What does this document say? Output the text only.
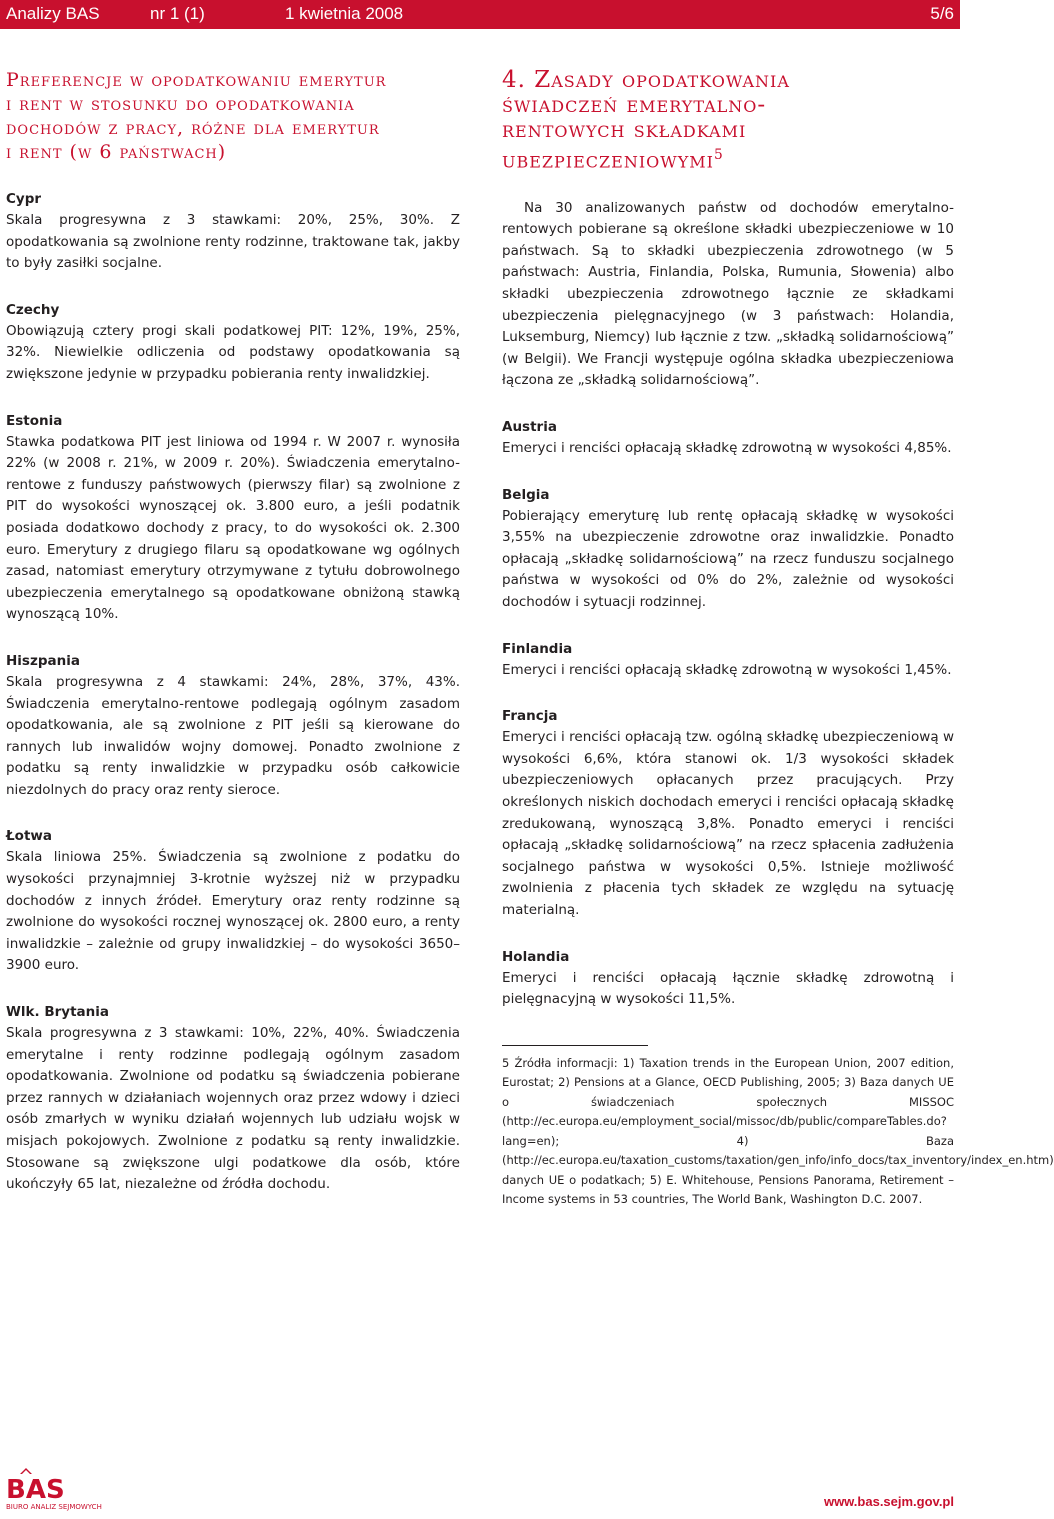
Analizy BAS	nr 1 (1)	1 kwietnia 2008	5/6
Preferencje w opodatkowaniu emerytur
i rent w stosunku do opodatkowania
dochodów z pracy, różne dla emerytur
i rent (w 6 państwach)
Cypr

Skala progresywna z 3 stawkami: 20%, 25%, 30%. Z opodatkowania są zwolnione renty rodzinne, traktowane tak, jakby to były zasiłki socjalne.

Czechy

Obowiązują cztery progi skali podatkowej PIT: 12%, 19%, 25%, 32%. Niewielkie odliczenia od podstawy opodatkowania są zwiększone jedynie w przypadku pobierania renty inwalidzkiej.

Estonia

Stawka podatkowa PIT jest liniowa od 1994 r. W 2007 r. wynosiła 22% (w 2008 r. 21%, w 2009 r. 20%). Świadczenia emerytalno-rentowe z funduszy państwowych (pierwszy filar) są zwolnione z PIT do wysokości wynoszącej ok. 3.800 euro, a jeśli podatnik posiada dodatkowo dochody z pracy, to do wysokości ok. 2.300 euro. Emerytury z drugiego filaru są opodatkowane wg ogólnych zasad, natomiast emerytury otrzymywane z tytułu dobrowolnego ubezpieczenia emerytalnego są opodatkowane obniżoną stawką wynoszącą 10%.

Hiszpania

Skala progresywna z 4 stawkami: 24%, 28%, 37%, 43%. Świadczenia emerytalno-rentowe podlegają ogólnym zasadom opodatkowania, ale są zwolnione z PIT jeśli są kierowane do rannych lub inwalidów wojny domowej. Ponadto zwolnione z podatku są renty inwalidzkie w przypadku osób całkowicie niezdolnych do pracy oraz renty sieroce.

Łotwa

Skala liniowa 25%. Świadczenia są zwolnione z podatku do wysokości przynajmniej 3-krotnie wyższej niż w przypadku dochodów z innych źródeł. Emerytury oraz renty rodzinne są zwolnione do wysokości rocznej wynoszącej ok. 2800 euro, a renty inwalidzkie – zależnie od grupy inwalidzkiej – do wysokości 3650–3900 euro.

Wlk. Brytania

Skala progresywna z 3 stawkami: 10%, 22%, 40%. Świadczenia emerytalne i renty rodzinne podlegają ogólnym zasadom opodatkowania. Zwolnione od podatku są świadczenia pobierane przez rannych w działaniach wojennych oraz przez wdowy i dzieci osób zmarłych w wyniku działań wojennych lub udziału wojsk w misjach pokojowych. Zwolnione z podatku są renty inwalidzkie. Stosowane są zwiększone ulgi podatkowe dla osób, które ukończyły 65 lat, niezależne od źródła dochodu.

4. Zasady opodatkowania
świadczeń emerytalno-
rentowych składkami
ubezpieczeniowymi$^5$

Na 30 analizowanych państw od dochodów emerytalno-rentowych pobierane są określone składki ubezpieczeniowe w 10 państwach. Są to składki ubezpieczenia zdrowotnego (w 5 państwach: Austria, Finlandia, Polska, Rumunia, Słowenia) albo składki ubezpieczenia zdrowotnego łącznie ze składkami ubezpieczenia pielęgnacyjnego (w 3 państwach: Holandia, Luksemburg, Niemcy) lub łącznie z tzw. „składką solidarnościową” (w Belgii). We Francji występuje ogólna składka ubezpieczeniowa łączona ze „składką solidarnościową”.

Austria

Emeryci i renciści opłacają składkę zdrowotną w wysokości 4,85%.

Belgia

Pobierający emeryturę lub rentę opłacają składkę w wysokości 3,55% na ubezpieczenie zdrowotne oraz inwalidzkie. Ponadto opłacają „składkę solidarnościową” na rzecz funduszu socjalnego państwa w wysokości od 0% do 2%, zależnie od wysokości dochodów i sytuacji rodzinnej.

Finlandia

Emeryci i renciści opłacają składkę zdrowotną w wysokości 1,45%.

Francja

Emeryci i renciści opłacają tzw. ogólną składkę ubezpieczeniową w wysokości 6,6%, która stanowi ok. 1/3 wysokości składek ubezpieczeniowych opłacanych przez pracujących. Przy określonych niskich dochodach emeryci i renciści opłacają składkę zredukowaną, wynoszącą 3,8%. Ponadto emeryci i renciści opłacają „składkę solidarnościową” na rzecz spłacenia zadłużenia socjalnego państwa w wysokości 0,5%. Istnieje możliwość zwolnienia z płacenia tych składek ze względu na sytuację materialną.

Holandia

Emeryci i renciści opłacają łącznie składkę zdrowotną i pielęgnacyjną w wysokości 11,5%.

5 Źródła informacji: 1) Taxation trends in the European Union, 2007 edition, Eurostat; 2) Pensions at a Glance, OECD Publishing, 2005; 3) Baza danych UE o świadczeniach społecznych MISSOC (http://ec.europa.eu/employment_social/missoc/db/public/compareTables.do?lang=en); 4) Baza (http://ec.europa.eu/taxation_customs/taxation/gen_info/info_docs/tax_inventory/index_en.htm) danych UE o podatkach; 5) E. Whitehouse, Pensions Panorama, Retirement – Income systems in 53 countries, The World Bank, Washington D.C. 2007.

BAS
BIURO ANALIZ SEJMOWYCH	www.bas.sejm.gov.pl
